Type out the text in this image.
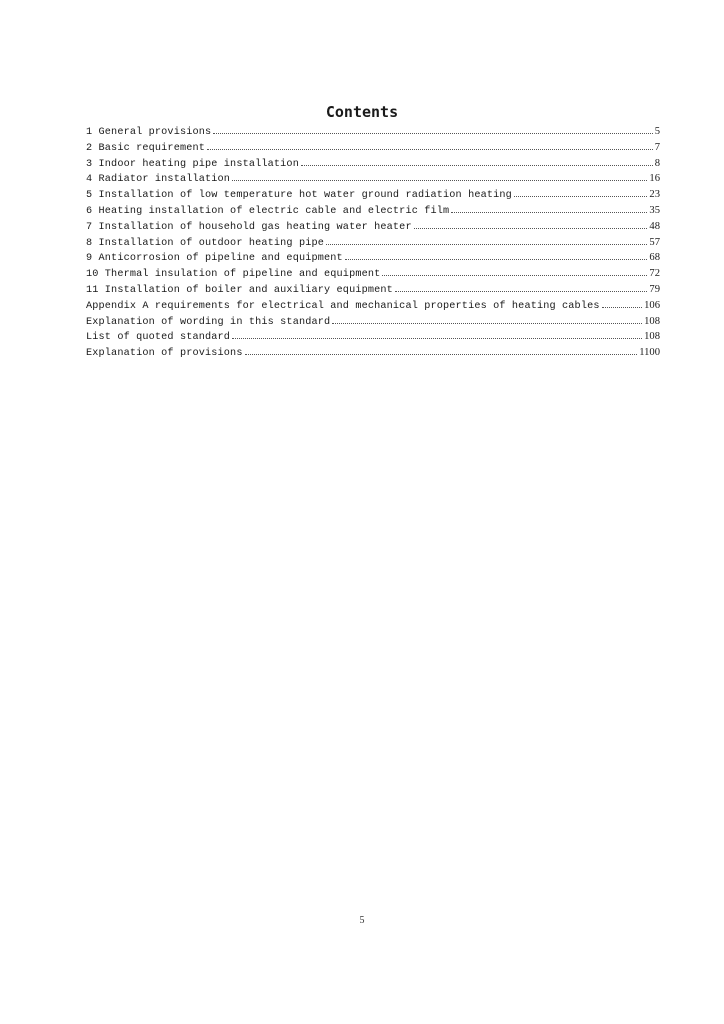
Contents
1 General provisions	5
2 Basic requirement	7
3 Indoor heating pipe installation	8
4 Radiator installation	16
5 Installation of low temperature hot water ground radiation heating	23
6 Heating installation of electric cable and electric film	35
7 Installation of household gas heating water heater	48
8 Installation of outdoor heating pipe	57
9 Anticorrosion of pipeline and equipment	68
10 Thermal insulation of pipeline and equipment	72
11 Installation of boiler and auxiliary equipment	79
Appendix A requirements for electrical and mechanical properties of heating cables	106
Explanation of wording in this standard	108
List of quoted standard	108
Explanation of provisions	1100
5
